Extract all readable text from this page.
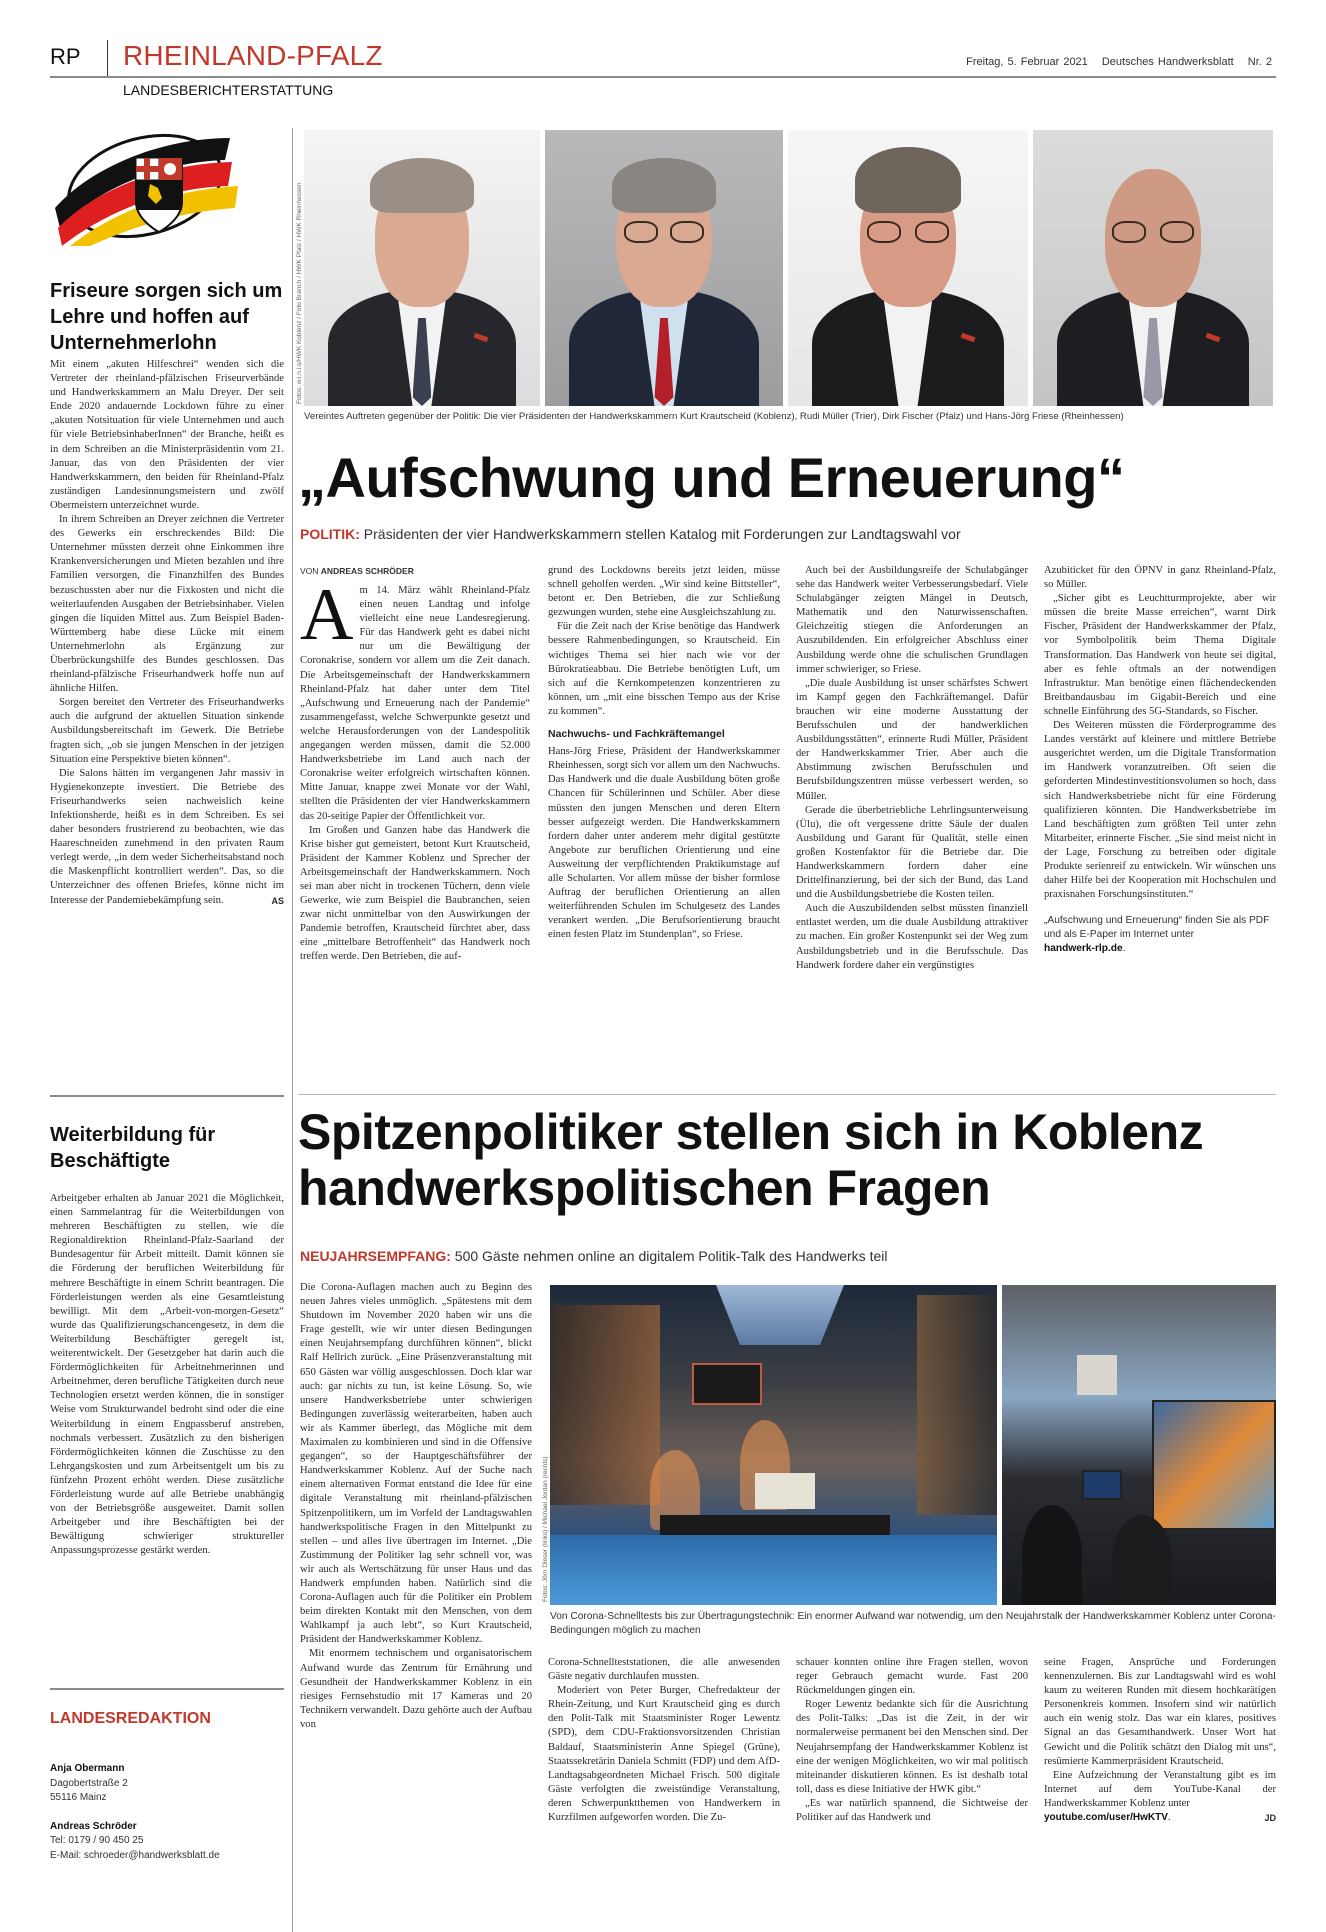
RP RHEINLAND-PFALZ
LANDESBERICHTERSTATTUNG
Freitag, 5. Februar 2021 Deutsches Handwerksblatt Nr. 2
Friseure sorgen sich um Lehre und hoffen auf Unternehmerlohn

Mit einem „akuten Hilfeschrei“ wenden sich die Vertreter der rheinland-pfälzischen Friseurverbände und Handwerkskammern an Malu Dreyer. Der seit Ende 2020 andauernde Lockdown führe zu einer „akuten Notsituation für viele Unternehmen und auch für viele BetriebsinhaberInnen“ der Branche, heißt es in dem Schreiben an die Ministerpräsidentin vom 21. Januar, das von den Präsidenten der vier Handwerkskammern, den beiden für Rheinland-Pfalz zuständigen Landesinnungsmeistern und zwölf Obermeistern unterzeichnet wurde.

In ihrem Schreiben an Dreyer zeichnen die Vertreter des Gewerks ein erschreckendes Bild: Die Unternehmer müssten derzeit ohne Einkommen ihre Krankenversicherungen und Mieten bezahlen und ihre Familien versorgen, die Finanzhilfen des Bundes bezuschussten aber nur die Fixkosten und nicht die weiterlaufenden Ausgaben der Betriebsinhaber. Vielen gingen die liquiden Mittel aus. Zum Beispiel Baden-Württemberg habe diese Lücke mit einem Unternehmerlohn als Ergänzung zur Überbrückungshilfe des Bundes geschlossen. Das rheinland-pfälzische Friseurhandwerk hoffe nun auf ähnliche Hilfen.

Sorgen bereitet den Vertreter des Friseurhandwerks auch die aufgrund der aktuellen Situation sinkende Ausbildungsbereitschaft im Gewerk. Die Betriebe fragten sich, „ob sie jungen Menschen in der jetzigen Situation eine Perspektive bieten können“.

Die Salons hätten im vergangenen Jahr massiv in Hygienekonzepte investiert. Die Betriebe des Friseurhandwerks seien nachweislich keine Infektionsherde, heißt es in dem Schreiben. Es sei daher besonders frustrierend zu beobachten, wie das Haareschneiden zunehmend in den privaten Raum verlegt werde, „in dem weder Sicherheitsabstand noch die Maskenpflicht kontrolliert werden“. Das, so die Unterzeichner des offenen Briefes, könne nicht im Interesse der Pandemiebekämpfung sein.	AS

Weiterbildung für Beschäftigte

Arbeitgeber erhalten ab Januar 2021 die Möglichkeit, einen Sammelantrag für die Weiterbildungen von mehreren Beschäftigten zu stellen, wie die Regionaldirektion Rheinland-Pfalz-Saarland der Bundesagentur für Arbeit mitteilt. Damit können sie die Förderung der beruflichen Weiterbildung für mehrere Beschäftigte in einem Schritt beantragen. Die Förderleistungen werden als eine Gesamtleistung bewilligt. Mit dem „Arbeit-von-morgen-Gesetz“ wurde das Qualifizierungschancengesetz, in dem die Weiterbildung Beschäftigter geregelt ist, weiterentwickelt. Der Gesetzgeber hat darin auch die Fördermöglichkeiten für Arbeitnehmerinnen und Arbeitnehmer, deren berufliche Tätigkeiten durch neue Technologien ersetzt werden können, die in sonstiger Weise vom Strukturwandel bedroht sind oder die eine Weiterbildung in einem Engpassberuf anstreben, nochmals verbessert. Zusätzlich zu den bisherigen Fördermöglichkeiten können die Zuschüsse zu den Lehrgangskosten und zum Arbeitsentgelt um bis zu fünfzehn Prozent erhöht werden. Diese zusätzliche Förderleistung wurde auf alle Betriebe unabhängig von der Betriebsgröße ausgeweitet. Damit sollen Arbeitgeber und ihre Beschäftigten bei der Bewältigung schwieriger struktureller Anpassungsprozesse gestärkt werden.

LANDESREDAKTION
Anja Obermann
Dagobertstraße 2
55116 Mainz
Andreas Schröder
Tel: 0179 / 90 450 25
E-Mail: schroeder@handwerksblatt.de
Fotos: w.i.n.i.s/HWK Koblenz / Foto Branch / HWK Pfalz / HWK Rheinhessen
Vereintes Auftreten gegenüber der Politik: Die vier Präsidenten der Handwerkskammern Kurt Krautscheid (Koblenz), Rudi Müller (Trier), Dirk Fischer (Pfalz) und Hans-Jörg Friese (Rheinhessen)
„Aufschwung und Erneuerung“
POLITIK: Präsidenten der vier Handwerkskammern stellen Katalog mit Forderungen zur Landtagswahl vor
VON ANDREAS SCHRÖDER

Am 14. März wählt Rheinland-Pfalz einen neuen Landtag und infolge vielleicht eine neue Landesregierung. Für das Handwerk geht es dabei nicht nur um die Bewältigung der Coronakrise, sondern vor allem um die Zeit danach. Die Arbeitsgemeinschaft der Handwerkskammern Rheinland-Pfalz hat daher unter dem Titel „Aufschwung und Erneuerung nach der Pandemie“ zusammengefasst, welche Schwerpunkte gesetzt und welche Herausforderungen von der Landespolitik angegangen werden müssen, damit die 52.000 Handwerksbetriebe im Land auch nach der Coronakrise weiter erfolgreich wirtschaften können. Mitte Januar, knappe zwei Monate vor der Wahl, stellten die Präsidenten der vier Handwerkskammern das 20-seitige Papier der Öffentlichkeit vor.

Im Großen und Ganzen habe das Handwerk die Krise bisher gut gemeistert, betont Kurt Krautscheid, Präsident der Kammer Koblenz und Sprecher der Arbeitsgemeinschaft der Handwerkskammern. Noch sei man aber nicht in trockenen Tüchern, denn viele Gewerke, wie zum Beispiel die Baubranchen, seien zwar nicht unmittelbar von den Auswirkungen der Pandemie betroffen, Krautscheid fürchtet aber, dass eine „mittelbare Betroffenheit“ das Handwerk noch treffen werde. Den Betrieben, die auf-

grund des Lockdowns bereits jetzt leiden, müsse schnell geholfen werden. „Wir sind keine Bittsteller“, betont er. Den Betrieben, die zur Schließung gezwungen wurden, stehe eine Ausgleichszahlung zu.

Für die Zeit nach der Krise benötige das Handwerk bessere Rahmenbedingungen, so Krautscheid. Ein wichtiges Thema sei hier nach wie vor der Bürokratieabbau. Die Betriebe benötigten Luft, um sich auf die Kernkompetenzen konzentrieren zu können, um „mit eine bisschen Tempo aus der Krise zu kommen“.

Nachwuchs- und Fachkräftemangel

Hans-Jörg Friese, Präsident der Handwerkskammer Rheinhessen, sorgt sich vor allem um den Nachwuchs. Das Handwerk und die duale Ausbildung böten große Chancen für Schülerinnen und Schüler. Aber diese müssten den jungen Menschen und deren Eltern besser aufgezeigt werden. Die Handwerkskammern fordern daher unter anderem mehr digital gestützte Angebote zur beruflichen Orientierung und eine Ausweitung der verpflichtenden Praktikumstage auf alle Schularten. Vor allem müsse der bisher formlose Auftrag der beruflichen Orientierung an allen weiterführenden Schulen im Schulgesetz des Landes verankert werden. „Die Berufsorientierung braucht einen festen Platz im Stundenplan“, so Friese.

Auch bei der Ausbildungsreife der Schulabgänger sehe das Handwerk weiter Verbesserungsbedarf. Viele Schulabgänger zeigten Mängel in Deutsch, Mathematik und den Naturwissenschaften. Gleichzeitig stiegen die Anforderungen an Auszubildenden. Ein erfolgreicher Abschluss einer Ausbildung werde ohne die schulischen Grundlagen immer schwieriger, so Friese.

„Die duale Ausbildung ist unser schärfstes Schwert im Kampf gegen den Fachkräftemangel. Dafür brauchen wir eine moderne Ausstattung der Berufsschulen und der handwerklichen Ausbildungsstätten“, erinnerte Rudi Müller, Präsident der Handwerkskammer Trier. Aber auch die Abstimmung zwischen Berufsschulen und Berufsbildungszentren müsse verbessert werden, so Müller.

Gerade die überbetriebliche Lehrlingsunterweisung (Ülu), die oft vergessene dritte Säule der dualen Ausbildung und Garant für Qualität, stelle einen großen Kostenfaktor für die Betriebe dar. Die Handwerkskammern fordern daher eine Drittelfinanzierung, bei der sich der Bund, das Land und die Ausbildungsbetriebe die Kosten teilen.

Auch die Auszubildenden selbst müssten finanziell entlastet werden, um die duale Ausbildung attraktiver zu machen. Ein großer Kostenpunkt sei der Weg zum Ausbildungsbetrieb und in die Berufsschule. Das Handwerk fordere daher ein vergünstigtes

Azubiticket für den ÖPNV in ganz Rheinland-Pfalz, so Müller.

„Sicher gibt es Leuchtturmprojekte, aber wir müssen die breite Masse erreichen“, warnt Dirk Fischer, Präsident der Handwerkskammer der Pfalz, vor Symbolpolitik beim Thema Digitale Transformation. Das Handwerk von heute sei digital, aber es fehle oftmals an der notwendigen Infrastruktur. Man benötige einen flächendeckenden Breitbandausbau im Gigabit-Bereich und eine schnelle Einführung des 5G-Standards, so Fischer.

Des Weiteren müssten die Förderprogramme des Landes verstärkt auf kleinere und mittlere Betriebe ausgerichtet werden, um die Digitale Transformation im Handwerk voranzutreiben. Oft seien die geforderten Mindestinvestitionsvolumen so hoch, dass sich Handwerksbetriebe nicht für eine Förderung qualifizieren könnten. Die Handwerksbetriebe im Land beschäftigten zum größten Teil unter zehn Mitarbeiter, erinnerte Fischer. „Sie sind meist nicht in der Lage, Forschung zu betreiben oder digitale Produkte serienreif zu entwickeln. Wir wünschen uns daher Hilfe bei der Kooperation mit Hochschulen und praxisnahen Forschungsinstituten.“

„Aufschwung und Erneuerung“ finden Sie als PDF und als E-Paper im Internet unter
handwerk-rlp.de.
Spitzenpolitiker stellen sich in Koblenz
handwerkspolitischen Fragen
NEUJAHRSEMPFANG: 500 Gäste nehmen online an digitalem Politik-Talk des Handwerks teil

Die Corona-Auflagen machen auch zu Beginn des neuen Jahres vieles unmöglich. „Spätestens mit dem Shutdown im November 2020 haben wir uns die Frage gestellt, wie wir unter diesen Bedingungen einen Neujahrsempfang durchführen können“, blickt Ralf Hellrich zurück. „Eine Präsenzveranstaltung mit 650 Gästen war völlig ausgeschlossen. Doch klar war auch: gar nichts zu tun, ist keine Lösung. So, wie unsere Handwerksbetriebe unter schwierigen Bedingungen zuverlässig weiterarbeiten, haben auch wir als Kammer überlegt, das Mögliche mit dem Maximalen zu kombinieren und sind in die Offensive gegangen“, so der Hauptgeschäftsführer der Handwerkskammer Koblenz. Auf der Suche nach einem alternativen Format entstand die Idee für eine digitale Veranstaltung mit rheinland-pfälzischen Spitzenpolitikern, um im Vorfeld der Landtagswahlen handwerkspolitische Fragen in den Mittelpunkt zu stellen – und alles live übertragen im Internet. „Die Zustimmung der Politiker lag sehr schnell vor, was wir auch als Wertschätzung für unser Haus und das Handwerk empfunden haben. Natürlich sind die Corona-Auflagen auch für die Politiker ein Problem beim direkten Kontakt mit den Menschen, von dem Wahlkampf ja auch lebt“, so Kurt Krautscheid, Präsident der Handwerkskammer Koblenz.

Mit enormem technischem und organisatorischem Aufwand wurde das Zentrum für Ernährung und Gesundheit der Handwerkskammer Koblenz in ein riesiges Fernsehstudio mit 17 Kameras und 20 Technikern verwandelt. Dazu gehörte auch der Aufbau von

Fotos: Jörn Dieser (links) / Michael Jordan (rechts)
Von Corona-Schnelltests bis zur Übertragungstechnik: Ein enormer Aufwand war notwendig, um den Neujahrstalk der Handwerkskammer Koblenz unter Corona-Bedingungen möglich zu machen

Corona-Schnellteststationen, die alle anwesenden Gäste negativ durchlaufen mussten.

Moderiert von Peter Burger, Chefredakteur der Rhein-Zeitung, und Kurt Krautscheid ging es durch den Polit-Talk mit Staatsminister Roger Lewentz (SPD), dem CDU-Fraktionsvorsitzenden Christian Baldauf, Staatsministerin Anne Spiegel (Grüne), Staatssekretärin Daniela Schmitt (FDP) und dem AfD-Landtagsabgeordneten Michael Frisch. 500 digitale Gäste verfolgten die zweistündige Veranstaltung, deren Schwerpunktthemen von Handwerkern in Kurzfilmen aufgeworfen worden. Die Zu-

schauer konnten online ihre Fragen stellen, wovon reger Gebrauch gemacht wurde. Fast 200 Rückmeldungen gingen ein.

Roger Lewentz bedankte sich für die Ausrichtung des Polit-Talks: „Das ist die Zeit, in der wir normalerweise permanent bei den Menschen sind. Der Neujahrsempfang der Handwerkskammer Koblenz ist eine der wenigen Möglichkeiten, wo wir mal politisch miteinander diskutieren können. Es ist deshalb total toll, dass es diese Initiative der HWK gibt.“

„Es war natürlich spannend, die Sichtweise der Politiker auf das Handwerk und

seine Fragen, Ansprüche und Forderungen kennenzulernen. Bis zur Landtagswahl wird es wohl kaum zu weiteren Runden mit diesem hochkarätigen Personenkreis kommen. Insofern sind wir natürlich auch ein wenig stolz. Das war ein klares, positives Signal an das Gesamthandwerk. Unser Wort hat Gewicht und die Politik schätzt den Dialog mit uns“, resümierte Kammerpräsident Krautscheid.

Eine Aufzeichnung der Veranstaltung gibt es im Internet auf dem YouTube-Kanal der Handwerkskammer Koblenz unter

youtube.com/user/HwKTV.	JD
